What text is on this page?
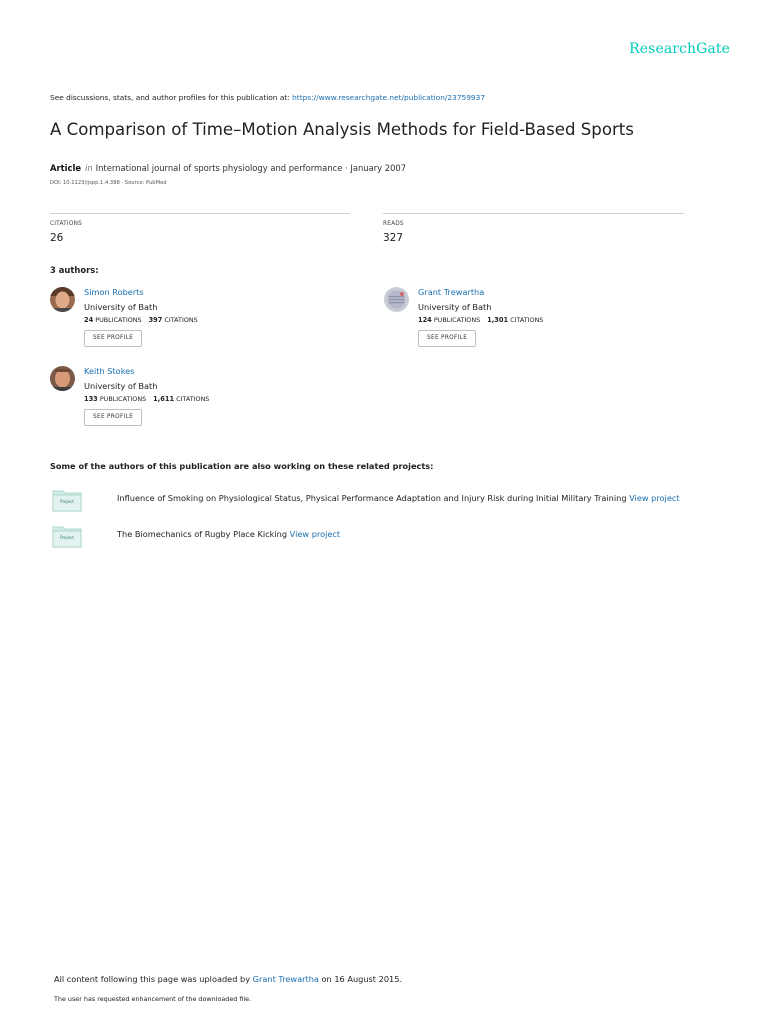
ResearchGate
See discussions, stats, and author profiles for this publication at: https://www.researchgate.net/publication/23759937
A Comparison of Time–Motion Analysis Methods for Field-Based Sports
Article in International journal of sports physiology and performance · January 2007
DOI: 10.1123/ijspp.1.4.388 · Source: PubMed
CITATIONS
26
READS
327
3 authors:
Simon Roberts
University of Bath
24 PUBLICATIONS 397 CITATIONS
SEE PROFILE
Grant Trewartha
University of Bath
124 PUBLICATIONS 1,301 CITATIONS
SEE PROFILE
Keith Stokes
University of Bath
133 PUBLICATIONS 1,611 CITATIONS
SEE PROFILE
Some of the authors of this publication are also working on these related projects:
Project	Influence of Smoking on Physiological Status, Physical Performance Adaptation and Injury Risk during Initial Military Training View project
Project	The Biomechanics of Rugby Place Kicking View project
All content following this page was uploaded by Grant Trewartha on 16 August 2015.
The user has requested enhancement of the downloaded file.
